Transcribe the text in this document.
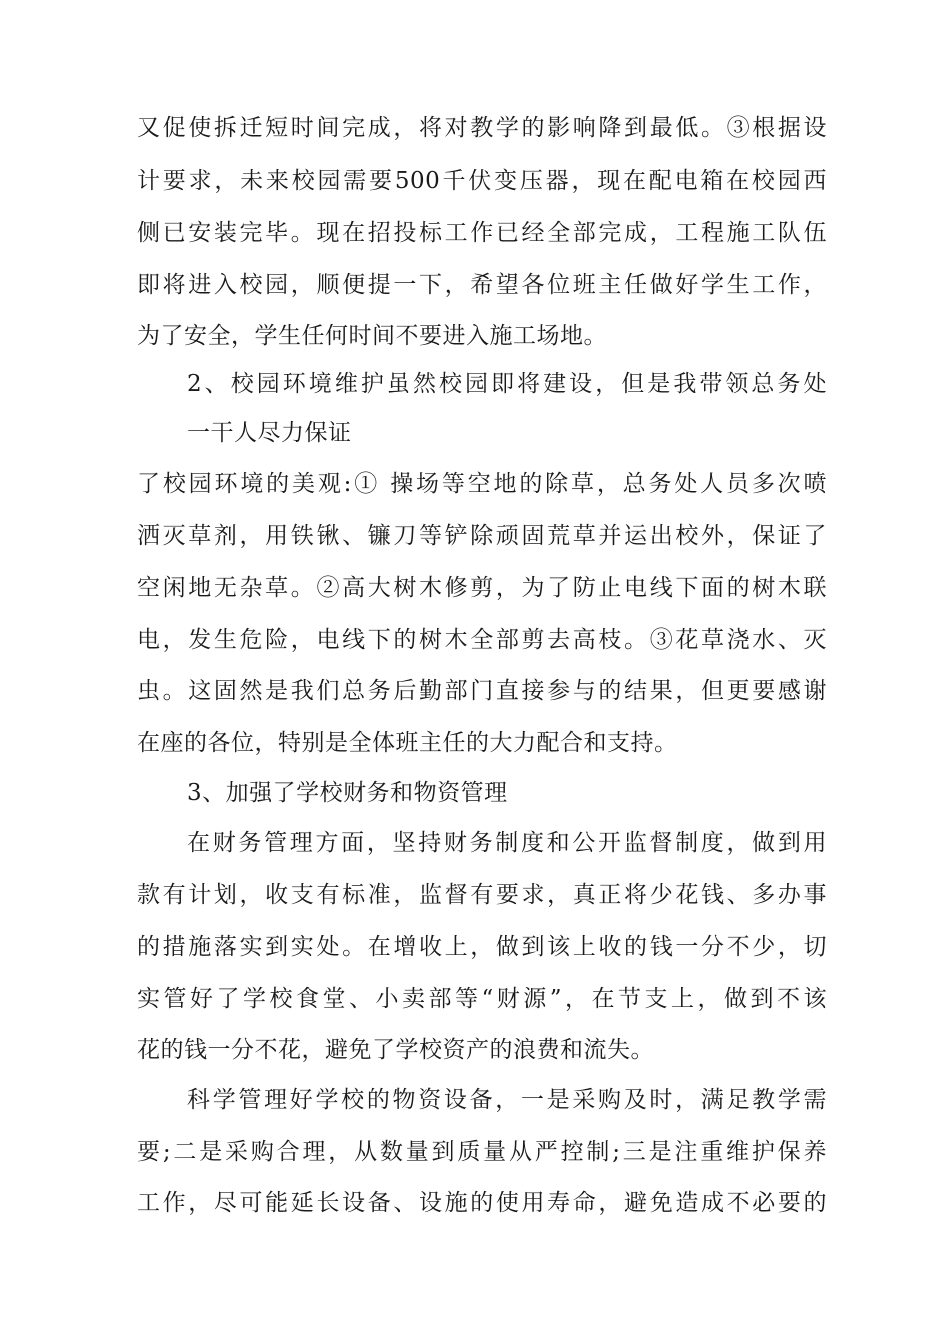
又促使拆迁短时间完成，将对教学的影响降到最低。③根据设
计要求，未来校园需要500千伏变压器，现在配电箱在校园西
侧已安装完毕。现在招投标工作已经全部完成，工程施工队伍
即将进入校园，顺便提一下，希望各位班主任做好学生工作，
为了安全，学生任何时间不要进入施工场地。
2、校园环境维护虽然校园即将建设，但是我带领总务处
一干人尽力保证
了校园环境的美观:① 操场等空地的除草，总务处人员多次喷
洒灭草剂，用铁锹、镰刀等铲除顽固荒草并运出校外，保证了
空闲地无杂草。②高大树木修剪，为了防止电线下面的树木联
电，发生危险，电线下的树木全部剪去高枝。③花草浇水、灭
虫。这固然是我们总务后勤部门直接参与的结果，但更要感谢
在座的各位，特别是全体班主任的大力配合和支持。
3、加强了学校财务和物资管理
在财务管理方面，坚持财务制度和公开监督制度，做到用
款有计划，收支有标准，监督有要求，真正将少花钱、多办事
的措施落实到实处。在增收上，做到该上收的钱一分不少，切
实管好了学校食堂、小卖部等“财源”，在节支上，做到不该
花的钱一分不花，避免了学校资产的浪费和流失。
科学管理好学校的物资设备，一是采购及时，满足教学需
要;二是采购合理，从数量到质量从严控制;三是注重维护保养
工作，尽可能延长设备、设施的使用寿命，避免造成不必要的
